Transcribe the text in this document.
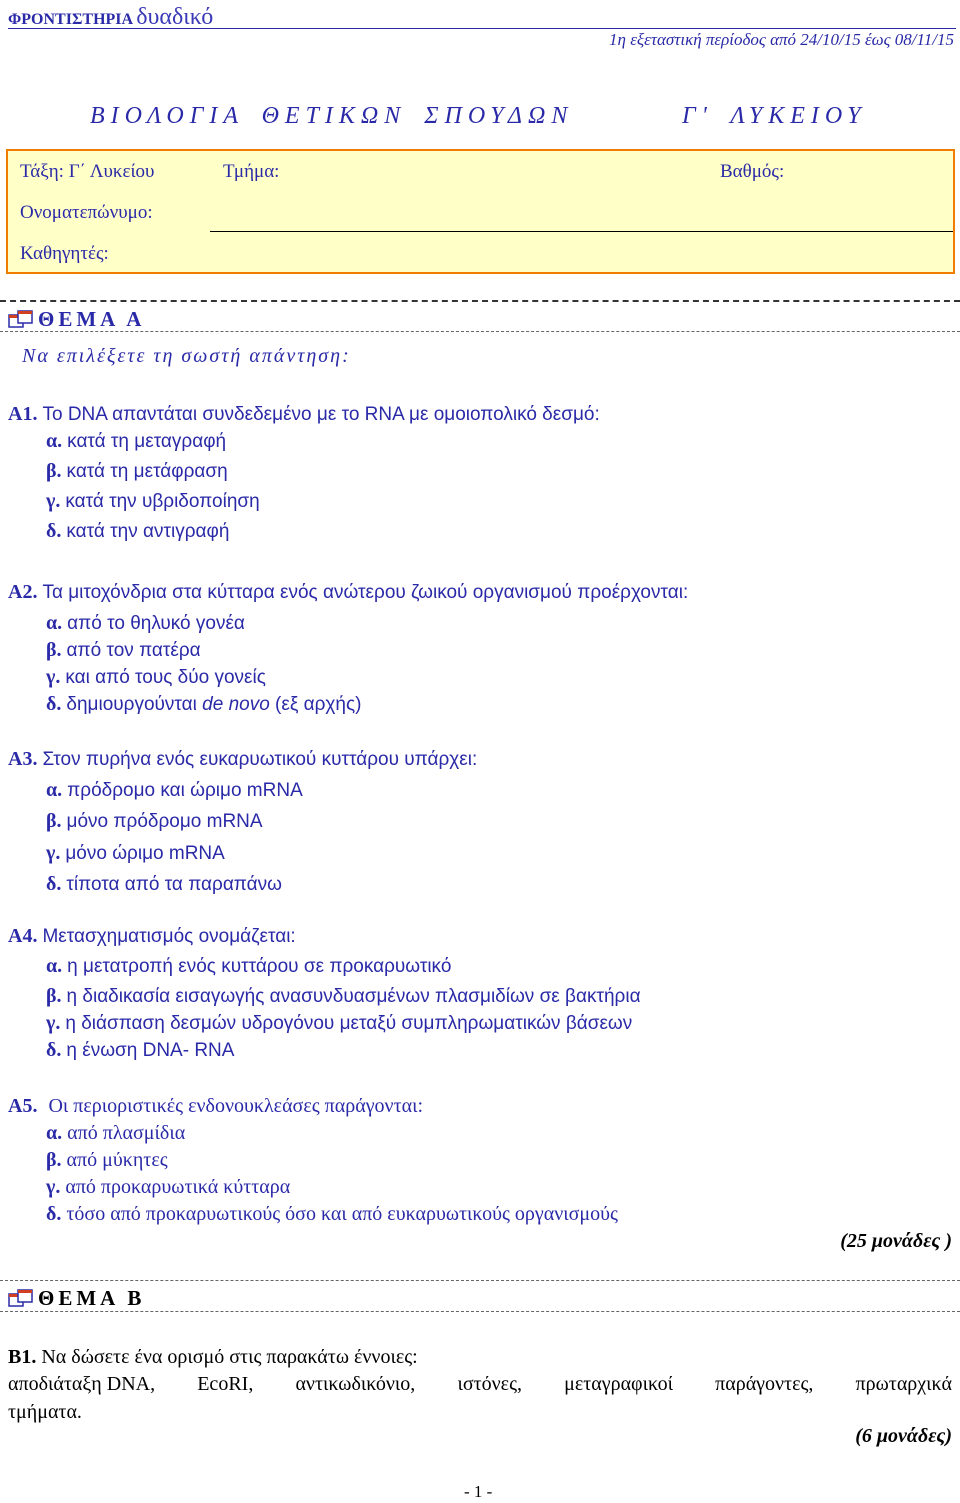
ΦΡΟΝΤΙΣΤΗΡΙΑ δυαδικό
1η εξεταστική περίοδος από 24/10/15 έως 08/11/15
ΒΙΟΛΟΓΙΑ ΘΕΤΙΚΩΝ ΣΠΟΥΔΩΝ	Γ' ΛΥΚΕΙΟΥ
Τάξη: Γ΄ Λυκείου	Τμήμα:	Βαθμός:
Ονοματεπώνυμο:
Καθηγητές:
ΘΕΜΑ Α
Να επιλέξετε τη σωστή απάντηση:
Α1. Το DNA απαντάται συνδεδεμένο με το RNA με ομοιοπολικό δεσμό:
α. κατά τη μεταγραφή
β. κατά τη μετάφραση
γ. κατά την υβριδοποίηση
δ. κατά την αντιγραφή
Α2. Τα μιτοχόνδρια στα κύτταρα ενός ανώτερου ζωικού οργανισμού προέρχονται:
α. από το θηλυκό γονέα
β. από τον πατέρα
γ. και από τους δύο γονείς
δ. δημιουργούνται de novo (εξ αρχής)
Α3. Στον πυρήνα ενός ευκαρυωτικού κυττάρου υπάρχει:
α. πρόδρομο και ώριμο mRNA
β. μόνο πρόδρομο mRNA
γ. μόνο ώριμο mRNA
δ. τίποτα από τα παραπάνω
Α4. Μετασχηματισμός ονομάζεται:
α. η μετατροπή ενός κυττάρου σε προκαρυωτικό
β. η διαδικασία εισαγωγής ανασυνδυασμένων πλασμιδίων σε βακτήρια
γ. η διάσπαση δεσμών υδρογόνου μεταξύ συμπληρωματικών βάσεων
δ. η ένωση DNA- RNA
Α5. Οι περιοριστικές ενδονουκλεάσες παράγονται:
α. από πλασμίδια
β. από μύκητες
γ. από προκαρυωτικά κύτταρα
δ. τόσο από προκαρυωτικούς όσο και από ευκαρυωτικούς οργανισμούς
(25 μονάδες )
ΘΕΜΑ Β
Β1. Να δώσετε ένα ορισμό στις παρακάτω έννοιες:
αποδιάταξη DNA, EcoRI, αντικωδικόνιο, ιστόνες, μεταγραφικοί παράγοντες, πρωταρχικά
τμήματα.
(6 μονάδες)
- 1 -
